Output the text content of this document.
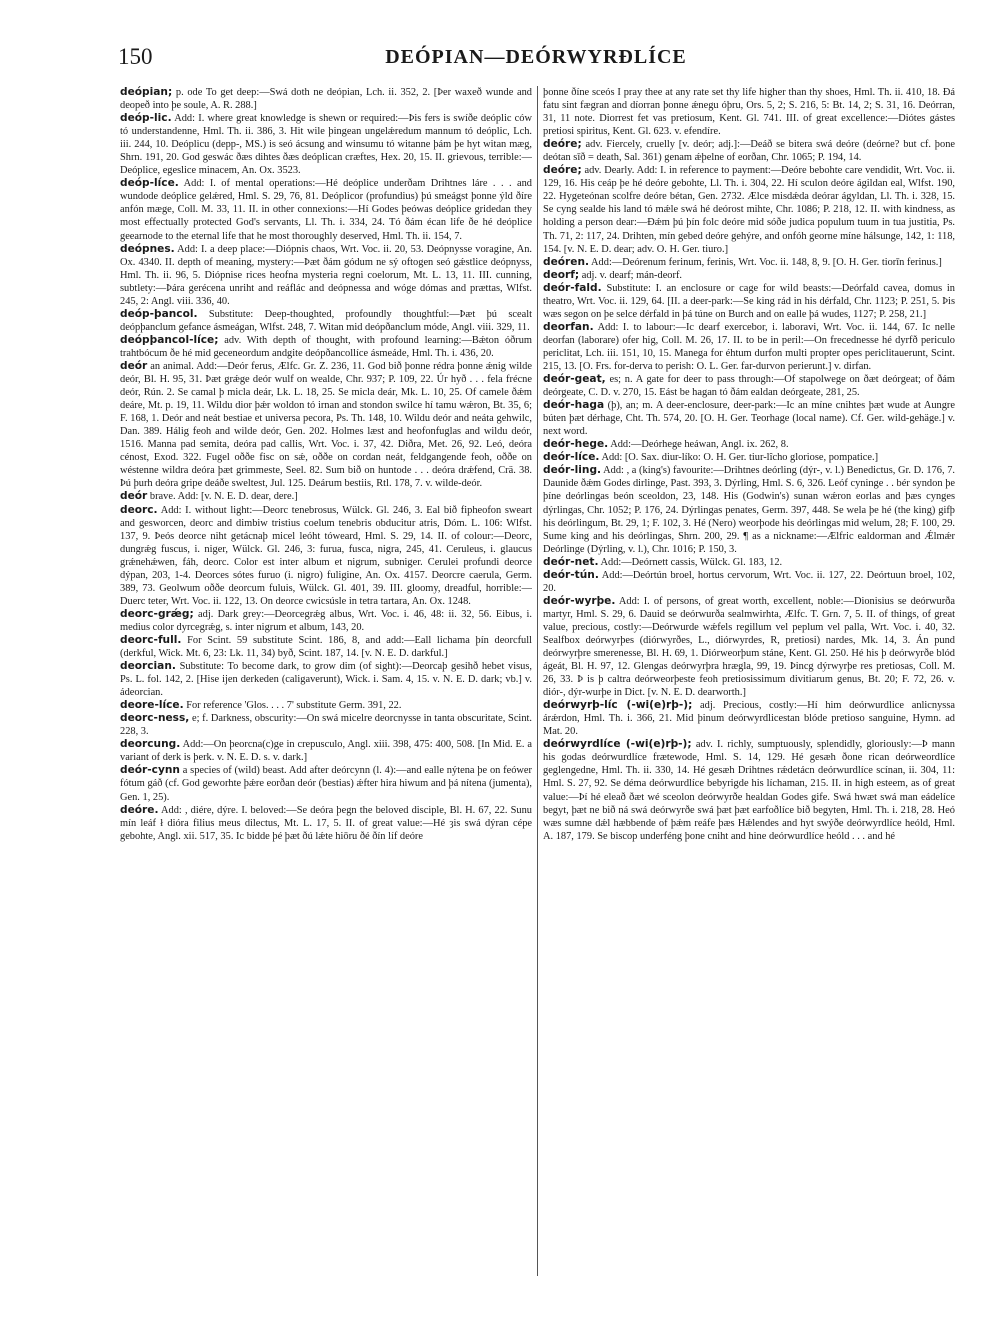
150	DEÓPIAN—DEÓRWYRÐLÍCE

deópian; p. ode To get deep:—Swá doth ne deópian, Lch. ii. 352, 2. [Þer waxeð wunde and deopeð into þe soule, A. R. 288.]

deóp-lic. Add: I. where great knowledge is shewn or required:—Þis fers is swíðe deóplic ców tó understandenne, Hml. Th. ii. 386, 3. Hit wile þingean ungelǽredum mannum tó deóplic, Lch. iii. 244, 10. Deóplicu (depp-, MS.) is seó ácsung and winsumu tó witanne þám þe hyt witan mæg, Shrn. 191, 20. God geswác ðæs dihtes ðæs deóplican cræftes, Hex. 20, 15. II. grievous, terrible:—Deóplice, egeslice minacem, An. Ox. 3523.

deóp-líce. Add: I. of mental operations:—Hé deóplice underðam Drihtnes láre . . . and wundode deóplice gelǽred, Hml. S. 29, 76, 81. Deóplicor (profundius) þú smeágst þonne ýld ðíre anfón mæge, Coll. M. 33, 11. II. in other connexions:—Hí Godes þeówas deóplice gridedan they most effectually protected God's servants, Ll. Th. i. 334, 24. Tó ðám écan life ðe hé deóplice geearnode to the eternal life that he most thoroughly deserved, Hml. Th. ii. 154, 7.

deópnes. Add: I. a deep place:—Diópnis chaos, Wrt. Voc. ii. 20, 53. Deópnysse voragine, An. Ox. 4340. II. depth of meaning, mystery:—Þæt ðám gódum ne sý oftogen seó gǽstlice deópnyss, Hml. Th. ii. 96, 5. Diópnise rices heofna mysteria regni coelorum, Mt. L. 13, 11. III. cunning, subtlety:—Þára gerécena unriht and reáflác and deópnessa and wóge dómas and prættas, Wlfst. 245, 2: Angl. viii. 336, 40.

deóp-þancol. Substitute: Deep-thoughted, profoundly thoughtful:—Þæt þú scealt deópþanclum gefance ásmeágan, Wlfst. 248, 7. Witan mid deópðanclum móde, Angl. viii. 329, 11.

deópþancol-líce; adv. With depth of thought, with profound learning:—Bǽton óðrum trahtbócum ðe hé mid geceneordum andgite deópðancollíce ásmeáde, Hml. Th. i. 436, 20.

deór an animal. Add:—Deór ferus, Ælfc. Gr. Z. 236, 11. God bið þonne rédra þonne ǽnig wilde deór, Bl. H. 95, 31. Þæt grǽge deór wulf on wealde, Chr. 937; P. 109, 22. Úr hyð . . . fela frécne deór, Rún. 2. Se camal þ micla deár, Lk. L. 18, 25. Se micla deár, Mk. L. 10, 25. Of camele ðǽm deáre, Mt. p. 19, 11. Wildu dior þǽr woldon tó irnan and stondon swilce hí tamu wǽron, Bt. 35, 6; F. 168, 1. Deór and neát bestiae et universa pecora, Ps. Th. 148, 10. Wildu deór and neáta gehwilc, Dan. 389. Hálig feoh and wilde deór, Gen. 202. Holmes læst and heofonfuglas and wildu deór, 1516. Manna pad semita, deóra pad callis, Wrt. Voc. i. 37, 42. Diðra, Met. 26, 92. Leó, deóra cénost, Exod. 322. Fugel oððe fisc on sǽ, oððe on cordan neát, feldgangende feoh, oððe on wéstenne wildra deóra þæt grimmeste, Seel. 82. Sum bið on huntode . . . deóra drǽfend, Crä. 38. Þú þurh deóra gripe deáðe sweltest, Jul. 125. Deárum bestiis, Rtl. 178, 7. v. wilde-deór.

deór brave. Add: [v. N. E. D. dear, dere.]

deorc. Add: I. without light:—Deorc tenebrosus, Wülck. Gl. 246, 3. Eal bið fipheofon sweart and gesworcen, deorc and dimbiw tristius coelum tenebris obducitur atris, Dóm. L. 106: Wlfst. 137, 9. Þeós deorce niht getácnaþ micel leóht tóweard, Hml. S. 29, 14. II. of colour:—Deorc, dungrǽg fuscus, i. niger, Wülck. Gl. 246, 3: furua, fusca, nigra, 245, 41. Ceruleus, i. glaucus grǽnehǽwen, fáh, deorc. Color est inter album et nigrum, subniger. Cerulei profundi deorce dýpan, 203, 1-4. Deorces sótes furuo (i. nigro) fuligine, An. Ox. 4157. Deorcre caerula, Germ. 389, 73. Geolwum oððe deorcum fuluis, Wülck. Gl. 401, 39. III. gloomy, dreadful, horrible:—Duerc teter, Wrt. Voc. ii. 122, 13. On deorce cwicsúsle in tetra tartara, An. Ox. 1248.

deorc-grǽg; adj. Dark grey:—Deorcegrǽg albus, Wrt. Voc. i. 46, 48: ii. 32, 56. Eibus, i. medius color dyrcegrǽg, s. inter nigrum et album, 143, 20.

deorc-full. For Scint. 59 substitute Scint. 186, 8, and add:—Eall lichama þín deorcfull (derkful, Wick. Mt. 6, 23: Lk. 11, 34) byð, Scint. 187, 14. [v. N. E. D. darkful.]

deorcian. Substitute: To become dark, to grow dim (of sight):—Deorcaþ gesihð hebet visus, Ps. L. fol. 142, 2. [Hise ijen derkeden (caligaverunt), Wick. i. Sam. 4, 15. v. N. E. D. dark; vb.] v. ádeorcian.

deore-líce. For reference 'Glos. . . . 7' substitute Germ. 391, 22.

deorc-ness, e; f. Darkness, obscurity:—On swá micelre deorcnysse in tanta obscuritate, Scint. 228, 3.

deorcung. Add:—On þeorcna(c)ge in crepusculo, Angl. xiii. 398, 475: 400, 508. [In Mid. E. a variant of derk is þerk. v. N. E. D. s. v. dark.]

deór-cynn a species of (wild) beast. Add after deórcynn (l. 4):—and ealle nýtena þe on feówer fótum gáð (cf. God geworhte þǽre eorðan deór (bestias) ǽfter hira hiwum and þá nítena (jumenta), Gen. 1, 25).

deóre. Add: , diére, dýre. I. beloved:—Se deóra þegn the beloved disciple, Bl. H. 67, 22. Sunu mín leáf ł dióra filius meus dilectus, Mt. L. 17, 5. II. of great value:—Hé ȝis swá dýran cépe gebohte, Angl. xii. 517, 35. Ic bidde þé þæt ðú lǽte hiōru ðé ðín líf deóre

þonne ðíne sceós I pray thee at any rate set thy life higher than thy shoes, Hml. Th. ii. 410, 18. Ðá fatu sint fægran and díorran þonne ǽnegu óþru, Ors. 5, 2; S. 216, 5: Bt. 14, 2; S. 31, 16. Deórran, 31, 11 note. Diorrest fet vas pretiosum, Kent. Gl. 741. III. of great excellence:—Diótes gástes pretiosi spiritus, Kent. Gl. 623. v. efendíre.

deóre; adv. Fiercely, cruelly [v. deór; adj.]:—Deáð se bitera swá deóre (deórne? but cf. þone deótan sīð = death, Sal. 361) genam ǽþelne of eorðan, Chr. 1065; P. 194, 14.

deóre; adv. Dearly. Add: I. in reference to payment:—Deóre bebohte care vendidit, Wrt. Voc. ii. 129, 16. His ceáp þe hé deóre gebohte, Ll. Th. i. 304, 22. Hí sculon deóre ágildan eal, Wlfst. 190, 22. Hygeteónan scolfre deóre bétan, Gen. 2732. Ælce misdǽda deórar ágyldan, Ll. Th. i. 328, 15. Se cyng sealde his land tó mǽle swá hé deórost mihte, Chr. 1086; P. 218, 12. II. with kindness, as holding a person dear:—Ðǽm þú þín folc deóre mid sóðe judica populum tuum in tua justitia, Ps. Th. 71, 2: 117, 24. Drihten, mín gebed deóre gehýre, and onfóh georne míne hálsunge, 142, 1: 118, 154. [v. N. E. D. dear; adv. O. H. Ger. tiuro.]

deóren. Add:—Deórenum ferinum, ferinis, Wrt. Voc. ii. 148, 8, 9. [O. H. Ger. tiorīn ferinus.]

deorf; adj. v. dearf; mán-deorf.

deór-fald. Substitute: I. an enclosure or cage for wild beasts:—Deórfald cavea, domus in theatro, Wrt. Voc. ii. 129, 64. [II. a deer-park:—Se king rád in his dérfald, Chr. 1123; P. 251, 5. Þis wæs segon on þe selce dérfald in þá túne on Burch and on ealle þá wudes, 1127; P. 258, 21.]

deorfan. Add: I. to labour:—Ic dearf exercebor, i. laboravi, Wrt. Voc. ii. 144, 67. Ic nelle deorfan (laborare) ofer hig, Coll. M. 26, 17. II. to be in peril:—On frecednesse hé dyrfð periculo periclitat, Lch. iii. 151, 10, 15. Manega for éhtum durfon multi propter opes periclitauerunt, Scint. 215, 13. [O. Frs. for-derva to perish: O. L. Ger. far-durvon perierunt.] v. dirfan.

deór-geat, es; n. A gate for deer to pass through:—Of stapolwege on ðæt deórgeat; of ðám deórgeate, C. D. v. 270, 15. Eást be hagan tó ðám ealdan deórgeate, 281, 25.

deór-haga (þ), an; m. A deer-enclosure, deer-park:—Ic an míne cnihtes þæt wude at Aungre búten þæt dérhage, Cht. Th. 574, 20. [O. H. Ger. Teorhage (local name). Cf. Ger. wild-gehäge.] v. next word.

deór-hege. Add:—Deórhege heáwan, Angl. ix. 262, 8.

deór-líce. Add: [O. Sax. diur-líko: O. H. Ger. tiur-lîcho gloriose, pompatice.]

deór-ling. Add: , a (king's) favourite:—Drihtnes deórling (dýr-, v. l.) Benedictus, Gr. D. 176, 7. Daunide ðǽm Godes dirlinge, Past. 393, 3. Dýrling, Hml. S. 6, 326. Leóf cyninge . . bér syndon þe þíne deórlingas beón sceoldon, 23, 148. His (Godwin's) sunan wǽron eorlas and þæs cynges dýrlingas, Chr. 1052; P. 176, 24. Dýrlingas penates, Germ. 397, 448. Se wela þe hé (the king) gifþ his deórlingum, Bt. 29, 1; F. 102, 3. Hé (Nero) weorþode his deórlingas mid welum, 28; F. 100, 29. Sume king and his deórlingas, Shrn. 200, 29. ¶ as a nickname:—Ælfric ealdorman and Ǽlmǽr Deórlinge (Dýrling, v. l.), Chr. 1016; P. 150, 3.

deór-net. Add:—Deórnett cassis, Wülck. Gl. 183, 12.

deór-tún. Add:—Deórtún broel, hortus cervorum, Wrt. Voc. ii. 127, 22. Deórtuun broel, 102, 20.

deór-wyrþe. Add: I. of persons, of great worth, excellent, noble:—Dionisius se deórwurða martyr, Hml. S. 29, 6. Dauid se deórwurða sealmwirhta, Ælfc. T. Grn. 7, 5. II. of things, of great value, precious, costly:—Deórwurde wǽfels regillum vel peplum vel palla, Wrt. Voc. i. 40, 32. Sealfbox deórwyrþes (diórwyrðes, L., diórwyrdes, R, pretiosi) nardes, Mk. 14, 3. Án pund deórwyrþre smerenesse, Bl. H. 69, 1. Diórweorþum stáne, Kent. Gl. 250. Hé his þ deórwyrðe blód ágeát, Bl. H. 97, 12. Glengas deórwyrþra hrægla, 99, 19. Þincg dýrwyrþe res pretiosas, Coll. M. 26, 33. Þ is þ caltra deórweorþeste feoh pretiosissimum divitiarum genus, Bt. 20; F. 72, 26. v. diór-, dýr-wurþe in Dict. [v. N. E. D. dearworth.]

deórwyrþ-líc (-wi(e)rþ-); adj. Precious, costly:—Hí him deórwurdlice anlicnyssa árǽrdon, Hml. Th. i. 366, 21. Mid þinum deórwyrdlicestan blóde pretioso sanguine, Hymn. ad Mat. 20.

deórwyrdlíce (-wi(e)rþ-); adv. I. richly, sumptuously, splendidly, gloriously:—Þ mann his godas deórwurdlíce frætewode, Hml. S. 14, 129. Hé gesæh ðone rican deórweordlíce geglengedne, Hml. Th. ii. 330, 14. Hé gesæh Drihtnes rǽdetácn deórwurdlíce scínan, ii. 304, 11: Hml. S. 27, 92. Se déma deórwurdlíce bebyrigde his líchaman, 215. II. in high esteem, as of great value:—Þí hé eleað ðæt wé sceolon deórwyrðe healdan Godes gife. Swá hwæt swá man eádelíce begyt, þæt ne bið ná swá deórwyrðe swá þæt þæt earfoðlíce bið begyten, Hml. Th. i. 218, 28. Heó wæs sumne dǽl hæbbende of þǽm reáfe þæs Hǽlendes and hyt swýðe deórwyrdlíce heóld, Hml. A. 187, 179. Se biscop underféng þone cniht and hine deórwurdlíce heóld . . . and hé
